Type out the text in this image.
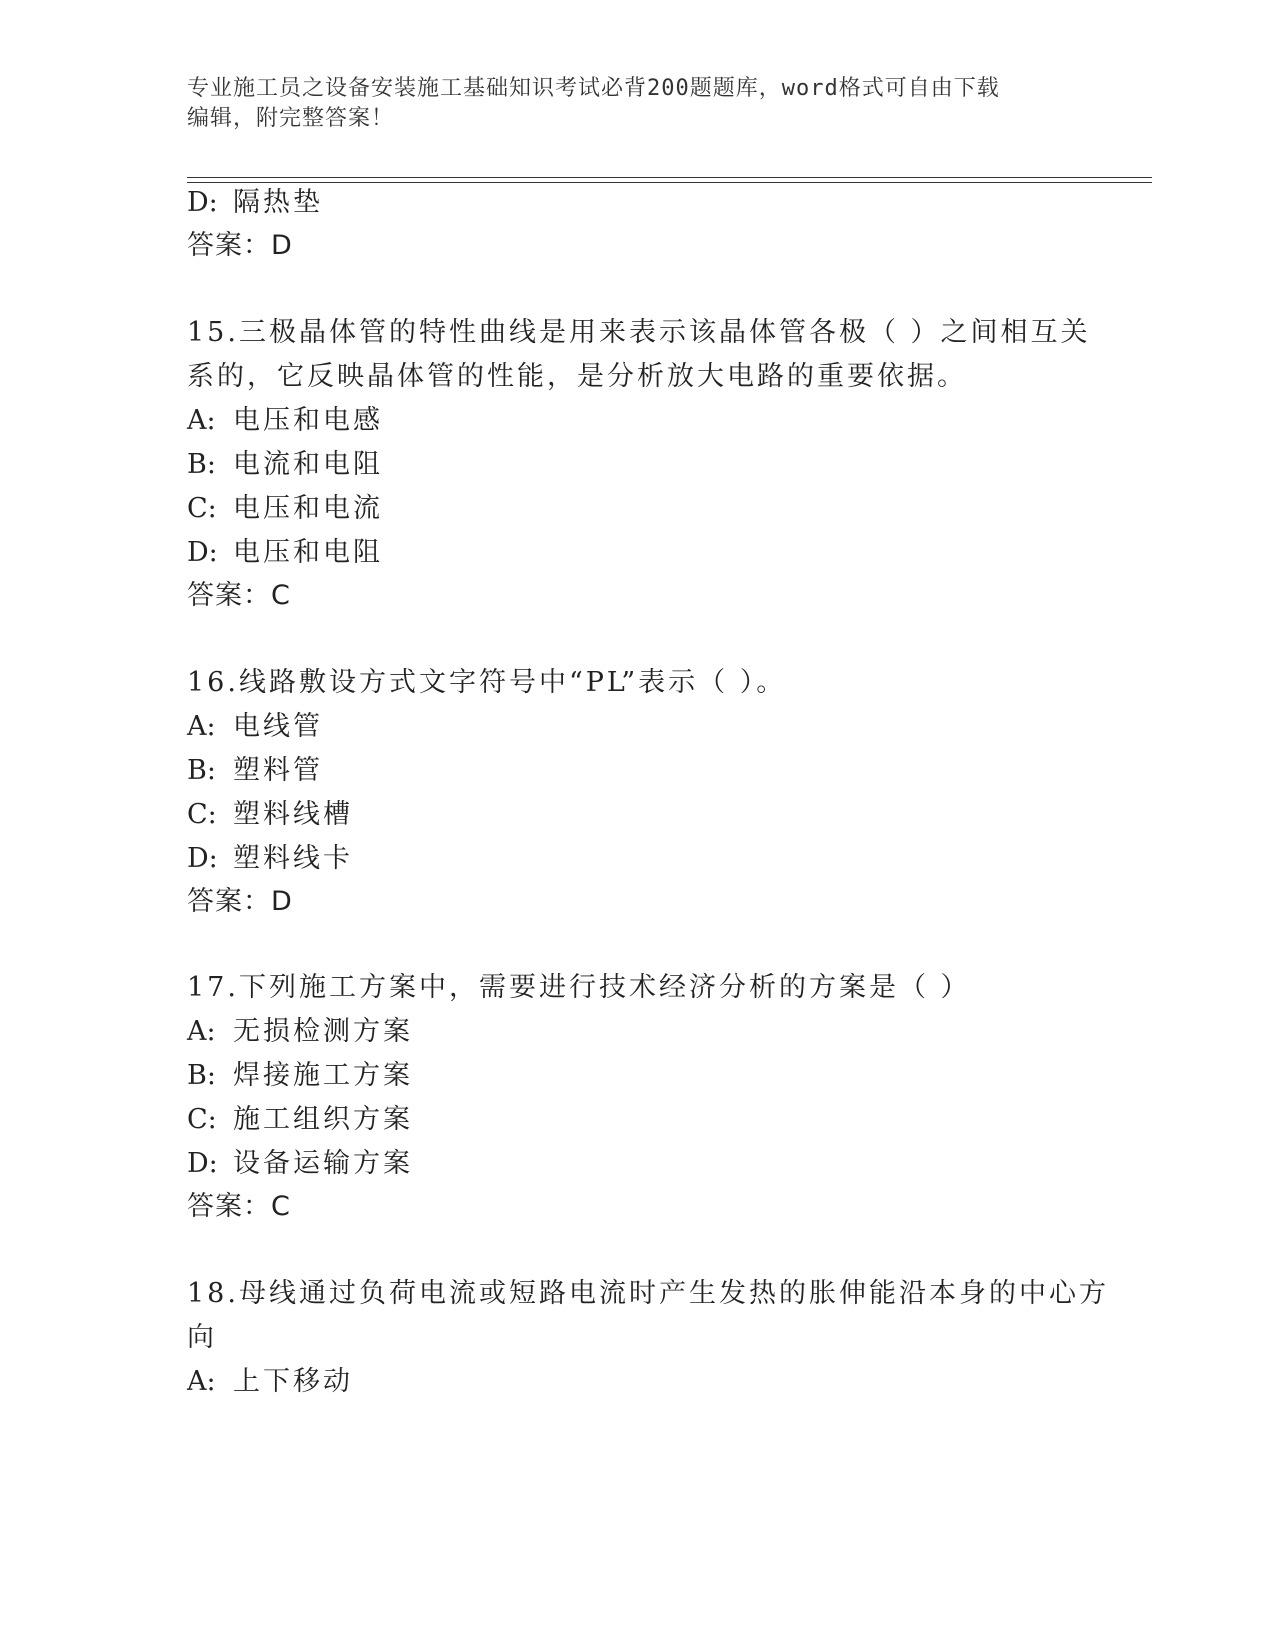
专业施工员之设备安装施工基础知识考试必背200题题库，word格式可自由下载
编辑，附完整答案！
D: 隔热垫
答案：D
15.三极晶体管的特性曲线是用来表示该晶体管各极（ ）之间相互关
系的，它反映晶体管的性能，是分析放大电路的重要依据。
A: 电压和电感
B: 电流和电阻
C: 电压和电流
D: 电压和电阻
答案：C
16.线路敷设方式文字符号中“PL”表示（ ）。
A: 电线管
B: 塑料管
C: 塑料线槽
D: 塑料线卡
答案：D
17.下列施工方案中，需要进行技术经济分析的方案是（ ）
A: 无损检测方案
B: 焊接施工方案
C: 施工组织方案
D: 设备运输方案
答案：C
18.母线通过负荷电流或短路电流时产生发热的胀伸能沿本身的中心方
向
A: 上下移动
